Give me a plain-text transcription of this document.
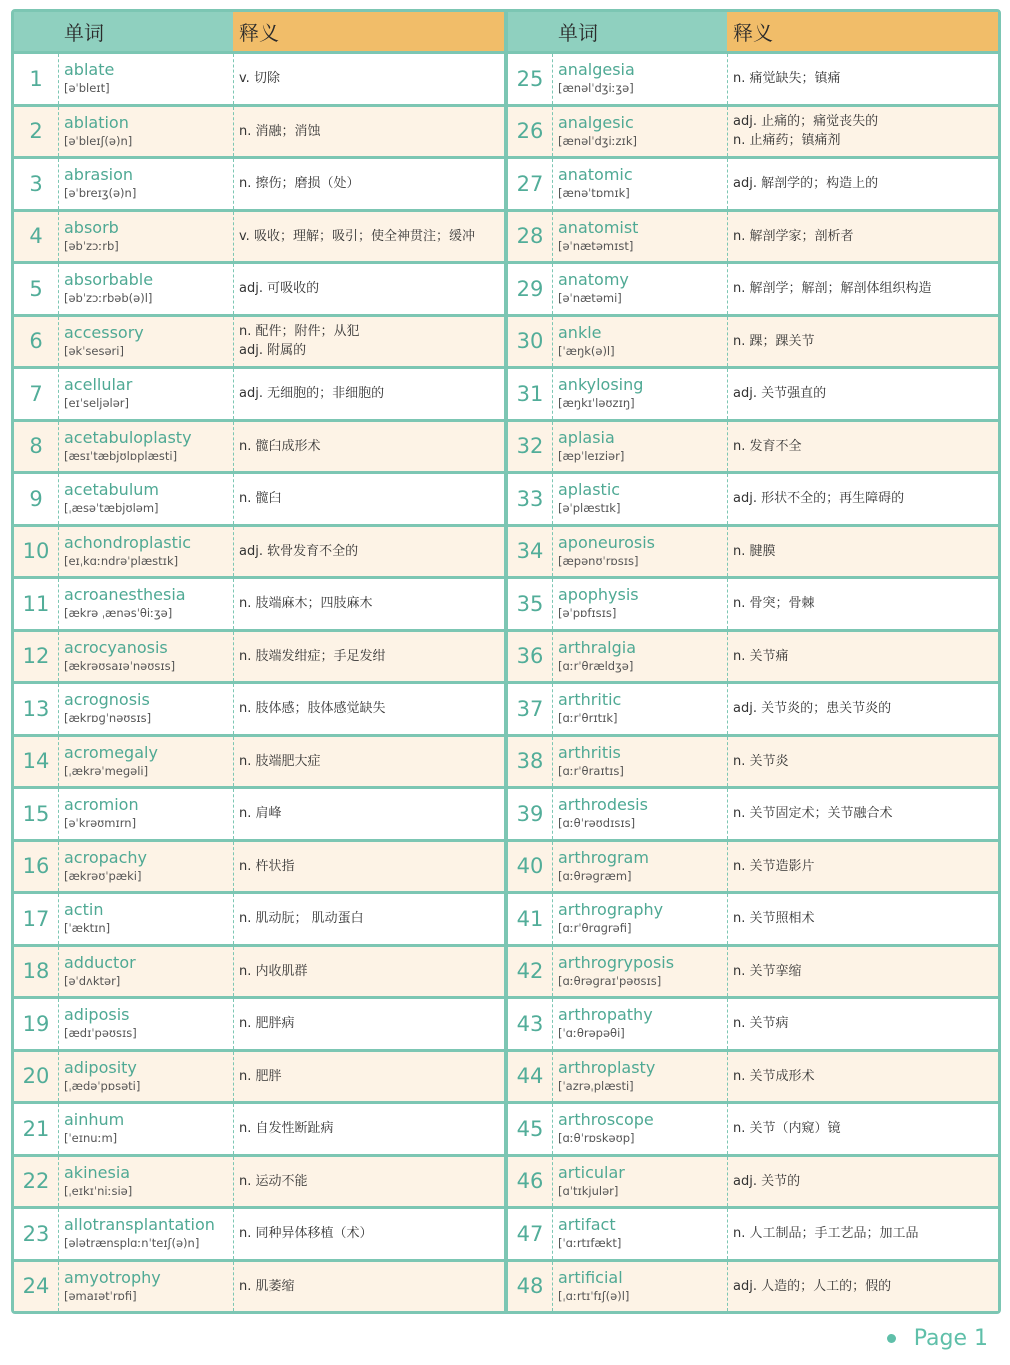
单词	释义
1	ablate
[əˈbleɪt]
v. 切除
2	ablation
[əˈbleɪʃ(ə)n]
n. 消融；消蚀
3	abrasion
[əˈbreɪʒ(ə)n]
n. 擦伤；磨损（处）
4	absorb
[əbˈzɔːrb]
v. 吸收；理解；吸引；使全神贯注；缓冲
5	absorbable
[əbˈzɔːrbəb(ə)l]
adj. 可吸收的
6	accessory
[əkˈsesəri]
n. 配件；附件；从犯
adj. 附属的
7	acellular
[eɪˈseljələr]
adj. 无细胞的；非细胞的
8	acetabuloplasty
[æsɪˈtæbjʊlɒplæsti]
n. 髋臼成形术
9	acetabulum
[ˌæsəˈtæbjʊləm]
n. 髋臼
10 achondroplastic
[eɪˌkɑːndrəˈplæstɪk]
adj. 软骨发育不全的
11 acroanesthesia
[ækrə ˌænəsˈθiːʒə]
n. 肢端麻木；四肢麻木
12 acrocyanosis
[ækrəʊsaɪəˈnəʊsɪs]
n. 肢端发绀症；手足发绀
13 acrognosis
[ækrɒɡˈnəʊsɪs]
n. 肢体感；肢体感觉缺失
14 acromegaly
[ˌækrəˈmeɡəli]
n. 肢端肥大症
15 acromion
[əˈkrəʊmɪrn]
n. 肩峰
16 acropachy
[ækrəʊˈpæki]
n. 杵状指
17 actin
[ˈæktɪn]
n. 肌动朊； 肌动蛋白
18 adductor
[əˈdʌktər]
n. 内收肌群
19 adiposis
[ædɪˈpəʊsɪs]
n. 肥胖病
20 adiposity
[ˌædəˈpɒsəti]
n. 肥胖
21 ainhum
[ˈeɪnuːm]
n. 自发性断趾病
22 akinesia
[ˌeɪkɪˈniːsiə]
n. 运动不能
23 allotransplantation
[ələtrænsplɑːnˈteɪʃ(ə)n]
n. 同种异体移植（术）
24 amyotrophy
[əmaɪətˈrɒfi]
n. 肌萎缩
单词	释义
25 analgesia
[ænəlˈdʒiːʒə]
n. 痛觉缺失；镇痛
26 analgesic
[ænəlˈdʒiːzɪk]
adj. 止痛的；痛觉丧失的
n. 止痛药；镇痛剂
27 anatomic
[ænəˈtɒmɪk]
adj. 解剖学的；构造上的
28 anatomist
[əˈnætəmɪst]
n. 解剖学家；剖析者
29 anatomy
[əˈnætəmi]
n. 解剖学；解剖；解剖体组织构造
30 ankle
[ˈæŋk(ə)l]
n. 踝；踝关节
31 ankylosing
[æŋkɪˈləʊzɪŋ]
adj. 关节强直的
32 aplasia
[æpˈleɪziər]
n. 发育不全
33 aplastic
[əˈplæstɪk]
adj. 形状不全的；再生障碍的
34 aponeurosis
[æpənʊˈrɒsɪs]
n. 腱膜
35 apophysis
[əˈpɒfɪsɪs]
n. 骨突；骨棘
36 arthralgia
[ɑːrˈθrældʒə]
n. 关节痛
37 arthritic
[ɑːrˈθrɪtɪk]
adj. 关节炎的；患关节炎的
38 arthritis
[ɑːrˈθraɪtɪs]
n. 关节炎
39 arthrodesis
[ɑːθˈrəʊdɪsɪs]
n. 关节固定术；关节融合术
40 arthrogram
[ɑːθrəɡræm]
n. 关节造影片
41 arthrography
[ɑːrˈθrɑɡrəfi]
n. 关节照相术
42 arthrogryposis
[ɑːθrəɡraɪˈpəʊsɪs]
n. 关节挛缩
43 arthropathy
[ˈɑːθrəpəθi]
n. 关节病
44 arthroplasty
[ˈazrəˌplæsti]
n. 关节成形术
45 arthroscope
[ɑːθˈrɒskəʊp]
n. 关节（内窥）镜
46 articular
[ɑˈtɪkjulər]
adj. 关节的
47 artifact
[ˈɑːrtɪfækt]
n. 人工制品；手工艺品；加工品
48 artificial
[ˌɑːrtɪˈfɪʃ(ə)l]
adj. 人造的；人工的；假的
Page 1
